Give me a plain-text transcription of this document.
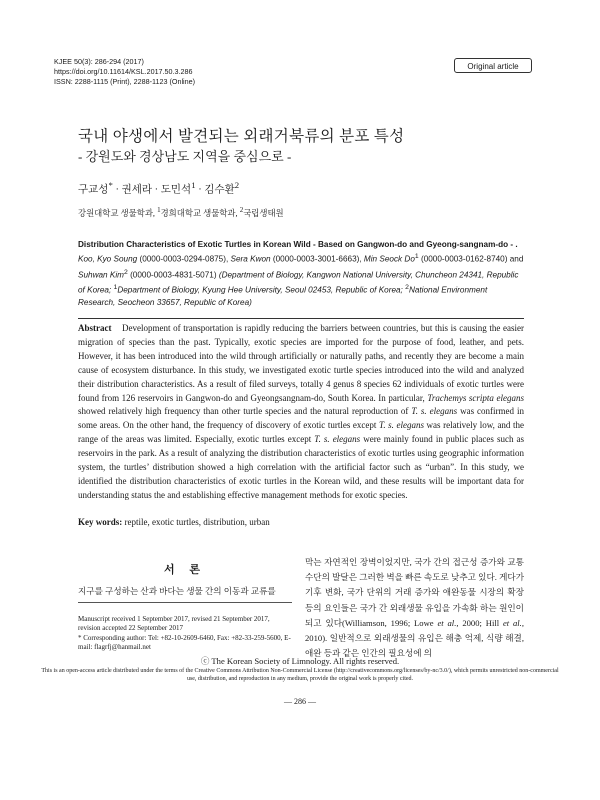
KJEE 50(3): 286-294 (2017)
https://doi.org/10.11614/KSL.2017.50.3.286
ISSN: 2288-1115 (Print), 2288-1123 (Online)
Original article
국내 야생에서 발견되는 외래거북류의 분포 특성
- 강원도와 경상남도 지역을 중심으로 -
구교성* · 권세라 · 도민석$^1$ · 김수환$^2$
강원대학교 생물학과, $^1$경희대학교 생물학과, $^2$국립생태원
Distribution Characteristics of Exotic Turtles in Korean Wild - Based on Gangwon-do and Gyeong-sangnam-do - . Koo, Kyo Soung (0000-0003-0294-0875), Sera Kwon (0000-0003-3001-6663), Min Seock Do$^1$ (0000-0003-0162-8740) and Suhwan Kim$^2$ (0000-0003-4831-5071) (Department of Biology, Kangwon National University, Chuncheon 24341, Republic of Korea; $^1$Department of Biology, Kyung Hee University, Seoul 02453, Republic of Korea; $^2$National Environment Research, Seocheon 33657, Republic of Korea)
Abstract Development of transportation is rapidly reducing the barriers between countries, but this is causing the easier migration of species than the past. Typically, exotic species are imported for the purpose of food, leather, and pets. However, it has been introduced into the wild through artificially or naturally paths, and recently they are become a main cause of ecosystem disturbance. In this study, we investigated exotic turtle species introduced into the wild and analyzed their distribution characteristics. As a result of filed surveys, totally 4 genus 8 species 62 individuals of exotic turtles were found from 126 reservoirs in Gangwon-do and Gyeongsangnam-do, South Korea. In particular, Trachemys scripta elegans showed relatively high frequency than other turtle species and the natural reproduction of T. s. elegans was confirmed in some areas. On the other hand, the frequency of discovery of exotic turtles except T. s. elegans was relatively low, and the range of the areas was limited. Especially, exotic turtles except T. s. elegans were mainly found in public places such as reservoirs in the park. As a result of analyzing the distribution characteristics of exotic turtles using geographic information system, the turtles’ distribution showed a high correlation with the artificial factor such as “urban”. In this study, we identified the distribution characteristics of exotic turtles in the Korean wild, and these results will be important data for understanding status the and establishing effective management methods for exotic species.
Key words: reptile, exotic turtles, distribution, urban
서 론
지구를 구성하는 산과 바다는 생물 간의 이동과 교류를
Manuscript received 1 September 2017, revised 21 September 2017, revision accepted 22 September 2017
* Corresponding author: Tel: +82-10-2609-6460, Fax: +82-33-259-5600, E-mail: flagrfj@hanmail.net
막는 자연적인 장벽이었지만, 국가 간의 접근성 증가와 교통수단의 발달은 그러한 벽을 빠른 속도로 낮추고 있다. 게다가 기후 변화, 국가 단위의 거래 증가와 애완동물 시장의 확장 등의 요인들은 국가 간 외래생물 유입을 가속화 하는 원인이 되고 있다(Williamson, 1996; Lowe et al., 2000; Hill et al., 2010). 일반적으로 외래생물의 유입은 해충 억제, 식량 해결, 애완 등과 같은 인간의 필요성에 의
ⓒ The Korean Society of Limnology. All rights reserved.
This is an open-access article distributed under the terms of the Creative Commons Attribution Non-Commercial License (http://creativecommons.org/licenses/by-nc/3.0/), which permits unrestricted non-commercial use, distribution, and reproduction in any medium, provide the original work is properly cited.
— 286 —
